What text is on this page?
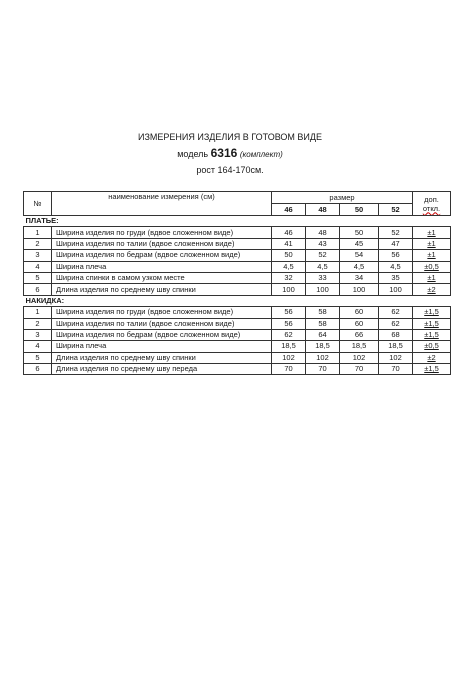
ИЗМЕРЕНИЯ ИЗДЕЛИЯ В ГОТОВОМ ВИДЕ
модель 6316 (комплект)
рост 164-170см.
№	наименование измерения (см)	размер				доп.
откл.
		46	48	50	52	
ПЛАТЬЕ:						
1	Ширина изделия по груди (вдвое сложенном виде)	46	48	50	52	±1
2	Ширина изделия по талии (вдвое сложенном виде)	41	43	45	47	±1
3	Ширина изделия по бедрам (вдвое сложенном виде)	50	52	54	56	±1
4	Ширина плеча	4,5	4,5	4,5	4,5	±0,5
5	Ширина спинки в самом узком месте	32	33	34	35	±1
6	Длина изделия по среднему шву спинки	100	100	100	100	±2
НАКИДКА:						
1	Ширина изделия по груди (вдвое сложенном виде)	56	58	60	62	±1,5
2	Ширина изделия по талии (вдвое сложенном виде)	56	58	60	62	±1,5
3	Ширина изделия по бедрам (вдвое сложенном виде)	62	64	66	68	±1,5
4	Ширина плеча	18,5	18,5	18,5	18,5	±0,5
5	Длина изделия по среднему шву спинки	102	102	102	102	±2
6	Длина изделия по среднему шву переда	70	70	70	70	±1,5
